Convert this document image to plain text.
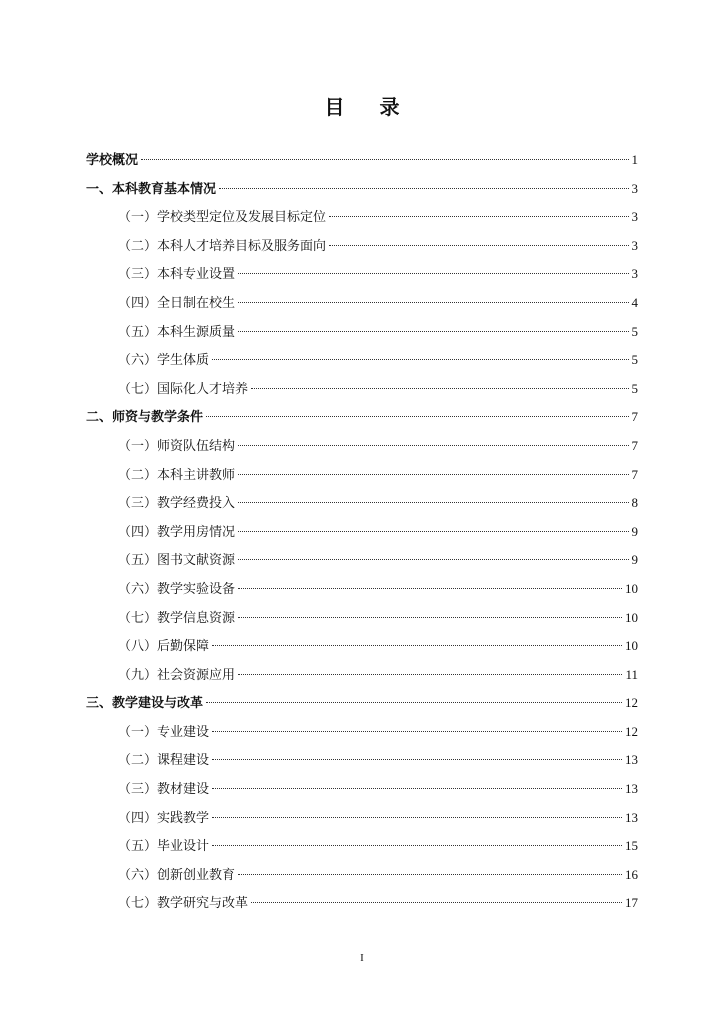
目 录
学校概况	1
一、本科教育基本情况	3
（一）学校类型定位及发展目标定位	3
（二）本科人才培养目标及服务面向	3
（三）本科专业设置	3
（四）全日制在校生	4
（五）本科生源质量	5
（六）学生体质	5
（七）国际化人才培养	5
二、师资与教学条件	7
（一）师资队伍结构	7
（二）本科主讲教师	7
（三）教学经费投入	8
（四）教学用房情况	9
（五）图书文献资源	9
（六）教学实验设备	10
（七）教学信息资源	10
（八）后勤保障	10
（九）社会资源应用	11
三、教学建设与改革	12
（一）专业建设	12
（二）课程建设	13
（三）教材建设	13
（四）实践教学	13
（五）毕业设计	15
（六）创新创业教育	16
（七）教学研究与改革	17
I
